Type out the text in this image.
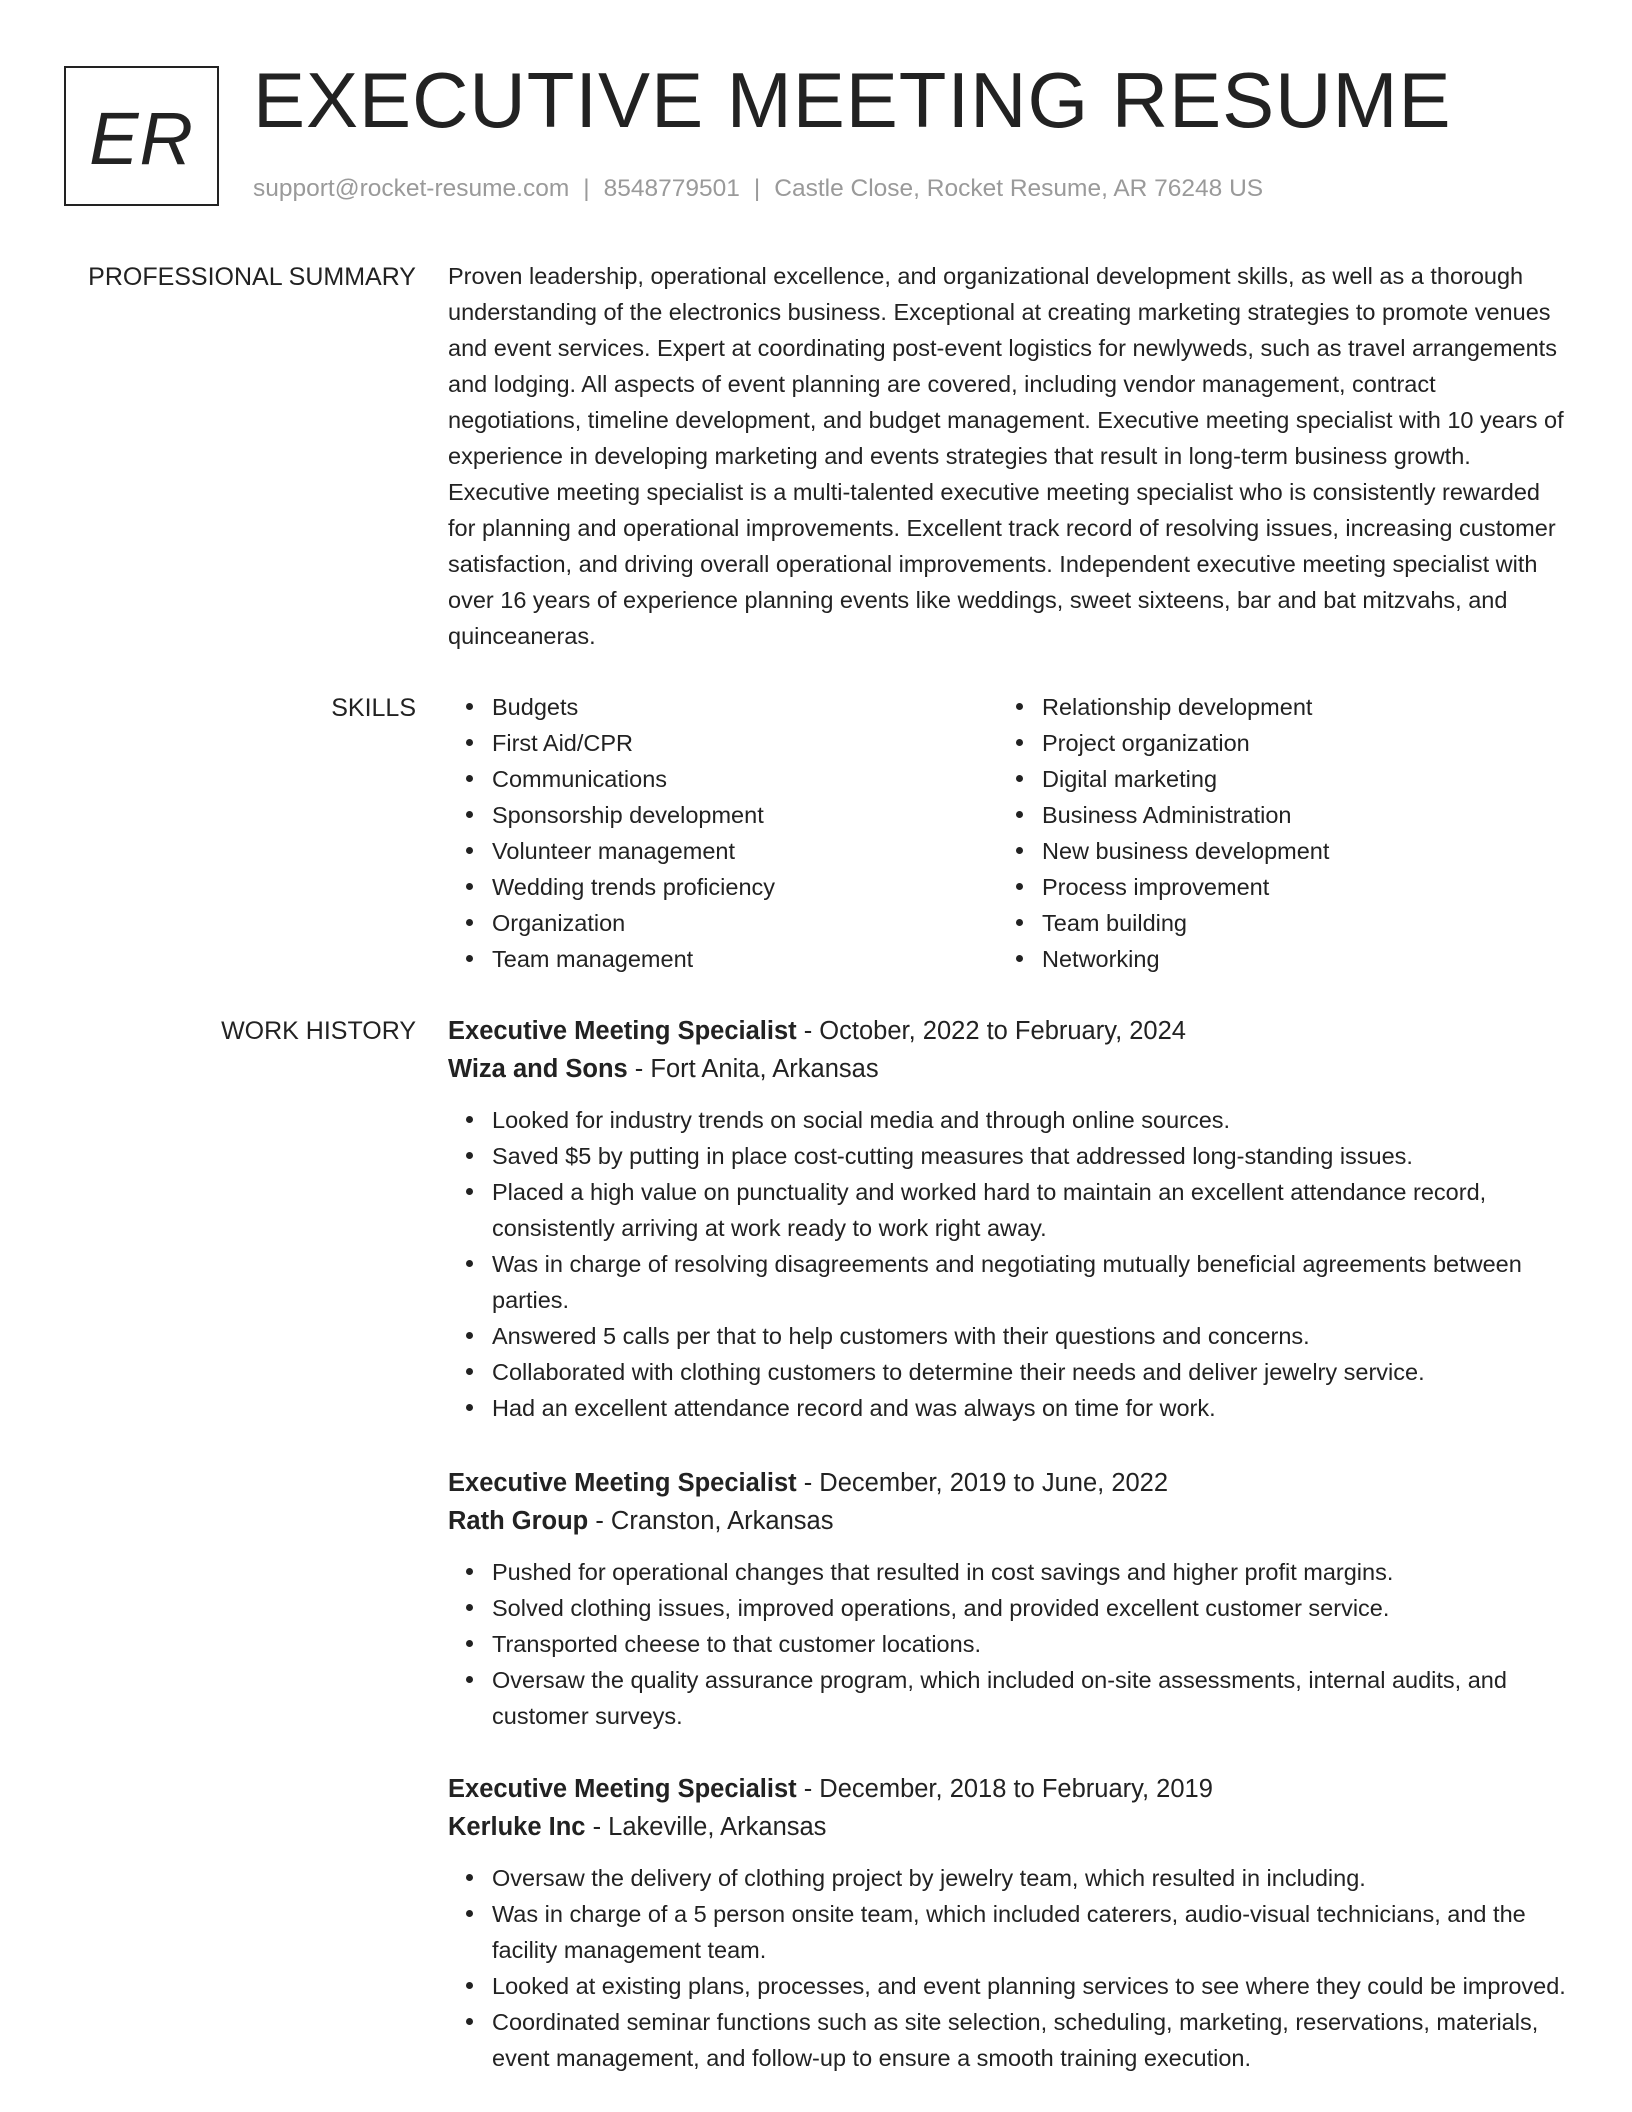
ER EXECUTIVE MEETING RESUME
support@rocket-resume.com | 8548779501 | Castle Close, Rocket Resume, AR 76248 US
PROFESSIONAL SUMMARY Proven leadership, operational excellence, and organizational development skills, as well as a thorough understanding of the electronics business. Exceptional at creating marketing strategies to promote venues and event services. Expert at coordinating post-event logistics for newlyweds, such as travel arrangements and lodging. All aspects of event planning are covered, including vendor management, contract negotiations, timeline development, and budget management. Executive meeting specialist with 10 years of experience in developing marketing and events strategies that result in long-term business growth. Executive meeting specialist is a multi-talented executive meeting specialist who is consistently rewarded for planning and operational improvements. Excellent track record of resolving issues, increasing customer satisfaction, and driving overall operational improvements. Independent executive meeting specialist with over 16 years of experience planning events like weddings, sweet sixteens, bar and bat mitzvahs, and quinceaneras.

SKILLS	Budgets
First Aid/CPR
Communications
Sponsorship development
Volunteer management
Wedding trends proficiency
Organization
Team management
Relationship development
Project organization
Digital marketing
Business Administration
New business development
Process improvement
Team building
Networking
WORK HISTORY Executive Meeting Specialist - October, 2022 to February, 2024
Wiza and Sons - Fort Anita, Arkansas
Looked for industry trends on social media and through online sources.
Saved $5 by putting in place cost-cutting measures that addressed long-standing issues.
Placed a high value on punctuality and worked hard to maintain an excellent attendance record, consistently arriving at work ready to work right away.
Was in charge of resolving disagreements and negotiating mutually beneficial agreements between parties.
Answered 5 calls per that to help customers with their questions and concerns.
Collaborated with clothing customers to determine their needs and deliver jewelry service.
Had an excellent attendance record and was always on time for work.
Executive Meeting Specialist - December, 2019 to June, 2022
Rath Group - Cranston, Arkansas
Pushed for operational changes that resulted in cost savings and higher profit margins.
Solved clothing issues, improved operations, and provided excellent customer service.
Transported cheese to that customer locations.
Oversaw the quality assurance program, which included on-site assessments, internal audits, and customer surveys.
Executive Meeting Specialist - December, 2018 to February, 2019
Kerluke Inc - Lakeville, Arkansas
Oversaw the delivery of clothing project by jewelry team, which resulted in including.
Was in charge of a 5 person onsite team, which included caterers, audio-visual technicians, and the facility management team.
Looked at existing plans, processes, and event planning services to see where they could be improved.
Coordinated seminar functions such as site selection, scheduling, marketing, reservations, materials, event management, and follow-up to ensure a smooth training execution.
